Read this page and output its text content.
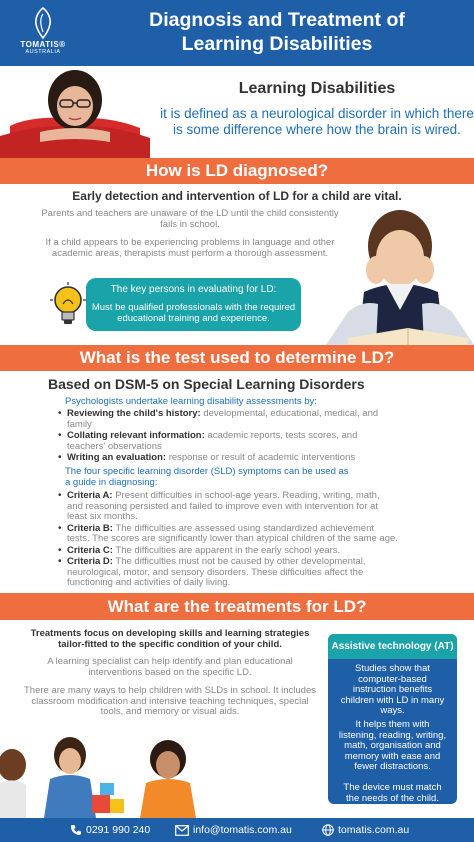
TOMATIS®
AUSTRALIA
Diagnosis and Treatment of
Learning Disabilities
Learning Disabilities
it is defined as a neurological disorder in which there is some difference where how the brain is wired.
How is LD diagnosed?
Early detection and intervention of LD for a child are vital.
Parents and teachers are unaware of the LD until the child consistently fails in school.
If a child appears to be experiencing problems in language and other academic areas, therapists must perform a thorough assessment.
The key persons in evaluating for LD:
Must be qualified professionals with the required educational training and experience.
What is the test used to determine LD?
Based on DSM-5 on Special Learning Disorders
Psychologists undertake learning disability assessments by:
• Reviewing the child's history: developmental, educational, medical, and family
• Collating relevant information: academic reports, tests scores, and teachers' observations
• Writing an evaluation: response or result of academic interventions
The four specific learning disorder (SLD) symptoms can be used as a guide in diagnosing:
• Criteria A: Present difficulties in school-age years. Reading, writing, math, and reasoning persisted and failed to improve even with intervention for at least six months.
• Criteria B: The difficulties are assessed using standardized achievement tests. The scores are significantly lower than atypical children of the same age.
• Criteria C: The difficulties are apparent in the early school years.
• Criteria D: The difficulties must not be caused by other developmental, neurological, motor, and sensory disorders. These difficulties affect the functioning and activities of daily living.
What are the treatments for LD?
Treatments focus on developing skills and learning strategies tailor-fitted to the specific condition of your child.
A learning specialist can help identify and plan educational interventions based on the specific LD.
There are many ways to help children with SLDs in school. It includes classroom modification and intensive teaching techniques, special tools, and memory or visual aids.
Assistive technology (AT)
Studies show that computer-based instruction benefits children with LD in many ways.
It helps them with listening, reading, writing, math, organisation and memory with ease and fewer distractions.
The device must match the needs of the child.
0291 990 240	info@tomatis.com.au	tomatis.com.au
